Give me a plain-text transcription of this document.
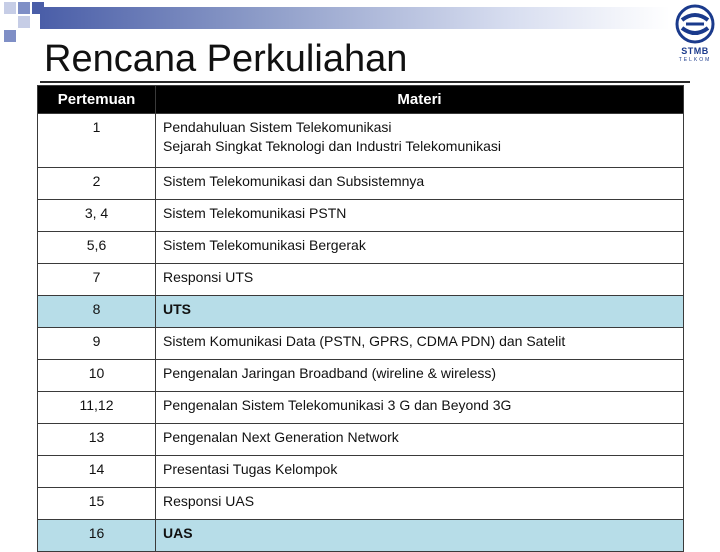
Rencana Perkuliahan	STMB
TELKOM
Pertemuan	Materi
1	Pendahuluan Sistem Telekomunikasi
Sejarah Singkat Teknologi dan Industri Telekomunikasi

2	Sistem Telekomunikasi dan Subsistemnya
3, 4	Sistem Telekomunikasi PSTN
5,6	Sistem Telekomunikasi Bergerak
7	Responsi UTS
8	UTS
9	Sistem Komunikasi Data (PSTN, GPRS, CDMA PDN) dan Satelit
10	Pengenalan Jaringan Broadband (wireline & wireless)
11,12	Pengenalan Sistem Telekomunikasi 3 G dan Beyond 3G
13	Pengenalan Next Generation Network
14	Presentasi Tugas Kelompok
15	Responsi UAS
16	UAS
